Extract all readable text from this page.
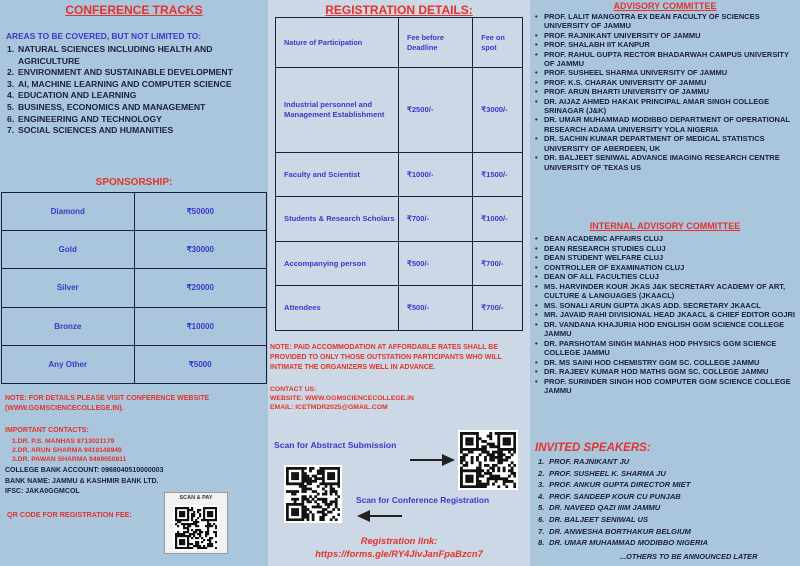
CONFERENCE TRACKS
AREAS TO BE COVERED, BUT NOT LIMITED TO:
1. NATURAL SCIENCES INCLUDING HEALTH AND AGRICULTURE
2. ENVIRONMENT AND SUSTAINABLE DEVELOPMENT
3. AI, MACHINE LEARNING AND COMPUTER SCIENCE
4. EDUCATION AND LEARNING
5. BUSINESS, ECONOMICS AND MANAGEMENT
6. ENGINEERING AND TECHNOLOGY
7. SOCIAL SCIENCES AND HUMANITIES
SPONSORSHIP:
Diamond	₹50000
Gold	₹30000
Silver	₹20000
Bronze	₹10000
Any Other	₹5000
NOTE: FOR DETAILS PLEASE VISIT CONFERENCE WEBSITE (WWW.GGMSCIENCECOLLEGE.IN).
IMPORTANT CONTACTS:
1.DR. P.S. MANHAS 8713021179
2.DR. ARUN SHARMA 9419148949
3.DR. PAWAN SHARMA 9469050811
COLLEGE BANK ACCOUNT: 0968040510000003
BANK NAME: JAMMU & KASHMIR BANK LTD.
IFSC: JAKA0GGMCOL
QR CODE FOR REGISTRATION FEE:
SCAN & PAY
REGISTRATION DETAILS:
Nature of Participation	Fee before Deadline	Fee on spot
Industrial personnel and Management Establishment	₹2500/-	₹3000/-
Faculty and Scientist	₹1000/-	₹1500/-
Students & Research Scholars	₹700/-	₹1000/-
Accompanying person	₹500/-	₹700/-
Attendees	₹500/-	₹700/-
NOTE: PAID ACCOMMODATION AT AFFORDABLE RATES SHALL BE PROVIDED TO ONLY THOSE OUTSTATION PARTICIPANTS WHO WILL INTIMATE THE ORGANIZERS WELL IN ADVANCE.
CONTACT US:
WEBSITE: WWW.GGMSCIENCECOLLEGE.IN
EMAIL: ICETMDR2025@GMAIL.COM
Scan for Abstract Submission
Scan for Conference Registration
Registration link:
https://forms.gle/RY4JivJanFpaBzcn7
ADVISORY COMMITTEE
• PROF. LALIT MANGOTRA EX DEAN FACULTY OF SCIENCES UNIVERSITY OF JAMMU
• PROF. RAJNIKANT UNIVERSITY OF JAMMU
• PROF. SHALABH IIT KANPUR
• PROF. RAHUL GUPTA RECTOR BHADARWAH CAMPUS UNIVERSITY OF JAMMU
• PROF. SUSHEEL SHARMA UNIVERSITY OF JAMMU
• PROF. K.S. CHARAK UNIVERSITY OF JAMMU
• PROF. ARUN BHARTI UNIVERSITY OF JAMMU
• DR. AIJAZ AHMED HAKAK PRINCIPAL AMAR SINGH COLLEGE SRINAGAR (J&K)
• DR. UMAR MUHAMMAD MODIBBO DEPARTMENT OF OPERATIONAL RESEARCH ADAMA UNIVERSITY YOLA NIGERIA
• DR. SACHIN KUMAR DEPARTMENT OF MEDICAL STATISTICS UNIVERSITY OF ABERDEEN, UK
• DR. BALJEET SENIWAL ADVANCE IMAGING RESEARCH CENTRE UNIVERSITY OF TEXAS US
INTERNAL ADVISORY COMMITTEE
• DEAN ACADEMIC AFFAIRS CLUJ
• DEAN RESEARCH STUDIES CLUJ
• DEAN STUDENT WELFARE CLUJ
• CONTROLLER OF EXAMINATION CLUJ
• DEAN OF ALL FACULTIES CLUJ
• MS. HARVINDER KOUR JKAS J&K SECRETARY ACADEMY OF ART, CULTURE & LANGUAGES (JKAACL)
• MS. SONALI ARUN GUPTA JKAS ADD. SECRETARY JKAACL
• MR. JAVAID RAHI DIVISIONAL HEAD JKAACL & CHIEF EDITOR GOJRI
• DR. VANDANA KHAJURIA HOD ENGLISH GGM SCIENCE COLLEGE JAMMU
• DR. PARSHOTAM SINGH MANHAS HOD PHYSICS GGM SCIENCE COLLEGE JAMMU
• DR. MS SAINI HOD CHEMISTRY GGM SC. COLLEGE JAMMU
• DR. RAJEEV KUMAR HOD MATHS GGM SC. COLLEGE JAMMU
• PROF. SURINDER SINGH HOD COMPUTER GGM SCIENCE COLLEGE JAMMU
INVITED SPEAKERS:
1. PROF. RAJNIKANT JU
2. PROF. SUSHEEL K. SHARMA JU
3. PROF. ANKUR GUPTA DIRECTOR MIET
4. PROF. SANDEEP KOUR CU PUNJAB
5. DR. NAVEED QAZI IIIM JAMMU
6. DR. BALJEET SENIWAL US
7. DR. ANWESHA BORTHAKUR BELGIUM
8. DR. UMAR MUHAMMAD MODIBBO NIGERIA
...OTHERS TO BE ANNOUNCED LATER
